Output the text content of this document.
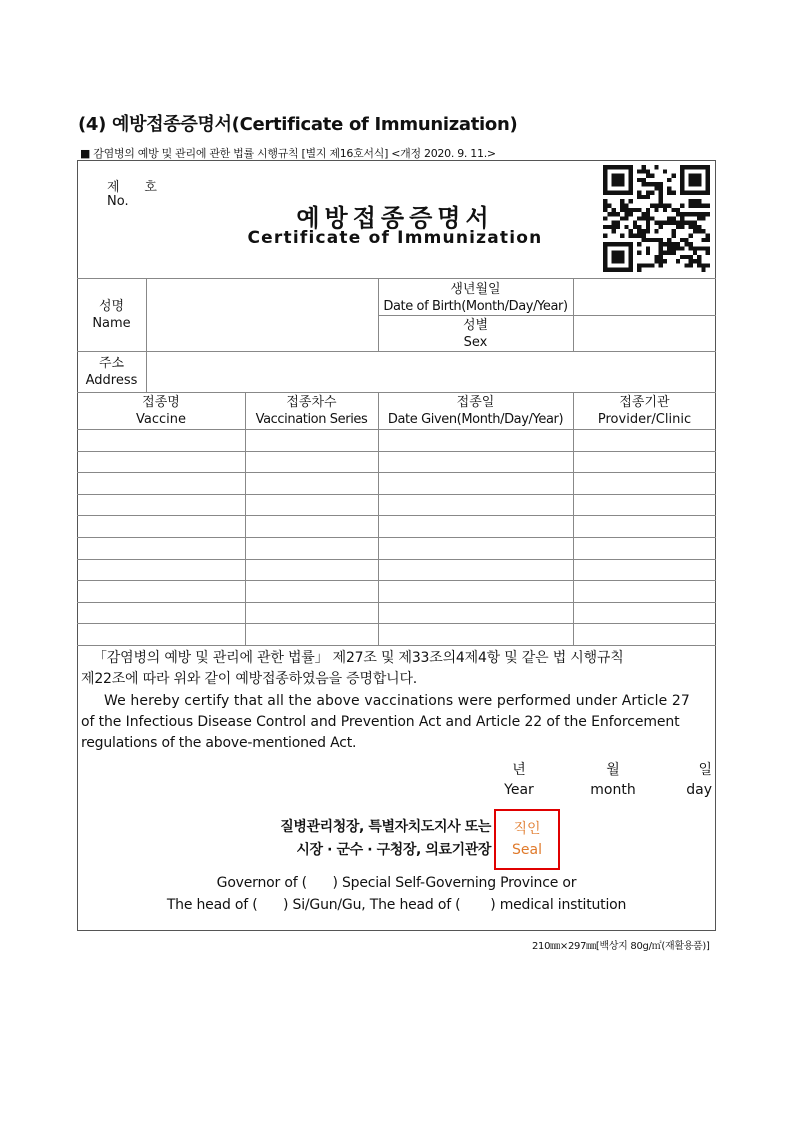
(4) 예방접종증명서(Certificate of Immunization)
■ 감염병의 예방 및 관리에 관한 법률 시행규칙 [별지 제16호서식] <개정 2020. 9. 11.>
제      호
No.
예방접종증명서
Certificate of Immunization
성명
Name
생년월일
Date of Birth(Month/Day/Year)
성별
Sex
주소
Address
접종명
Vaccine
접종차수
Vaccination Series
접종일
Date Given(Month/Day/Year)
접종기관
Provider/Clinic
「감염병의 예방 및 관리에 관한 법률」 제27조 및 제33조의4제4항 및 같은 법 시행규칙
제22조에 따라 위와 같이 예방접종하였음을 증명합니다.
We hereby certify that all the above vaccinations were performed under Article 27
of the Infectious Disease Control and Prevention Act and Article 22 of the Enforcement
regulations of the above-mentioned Act.
년
Year
월
month
일
day
질병관리청장, 특별자치도지사 또는
시장 · 군수 · 구청장, 의료기관장
직인
Seal
Governor of (      ) Special Self-Governing Province or
The head of (      ) Si/Gun/Gu, The head of (       ) medical institution
210㎜×297㎜[백상지 80g/㎡(재활용품)]
